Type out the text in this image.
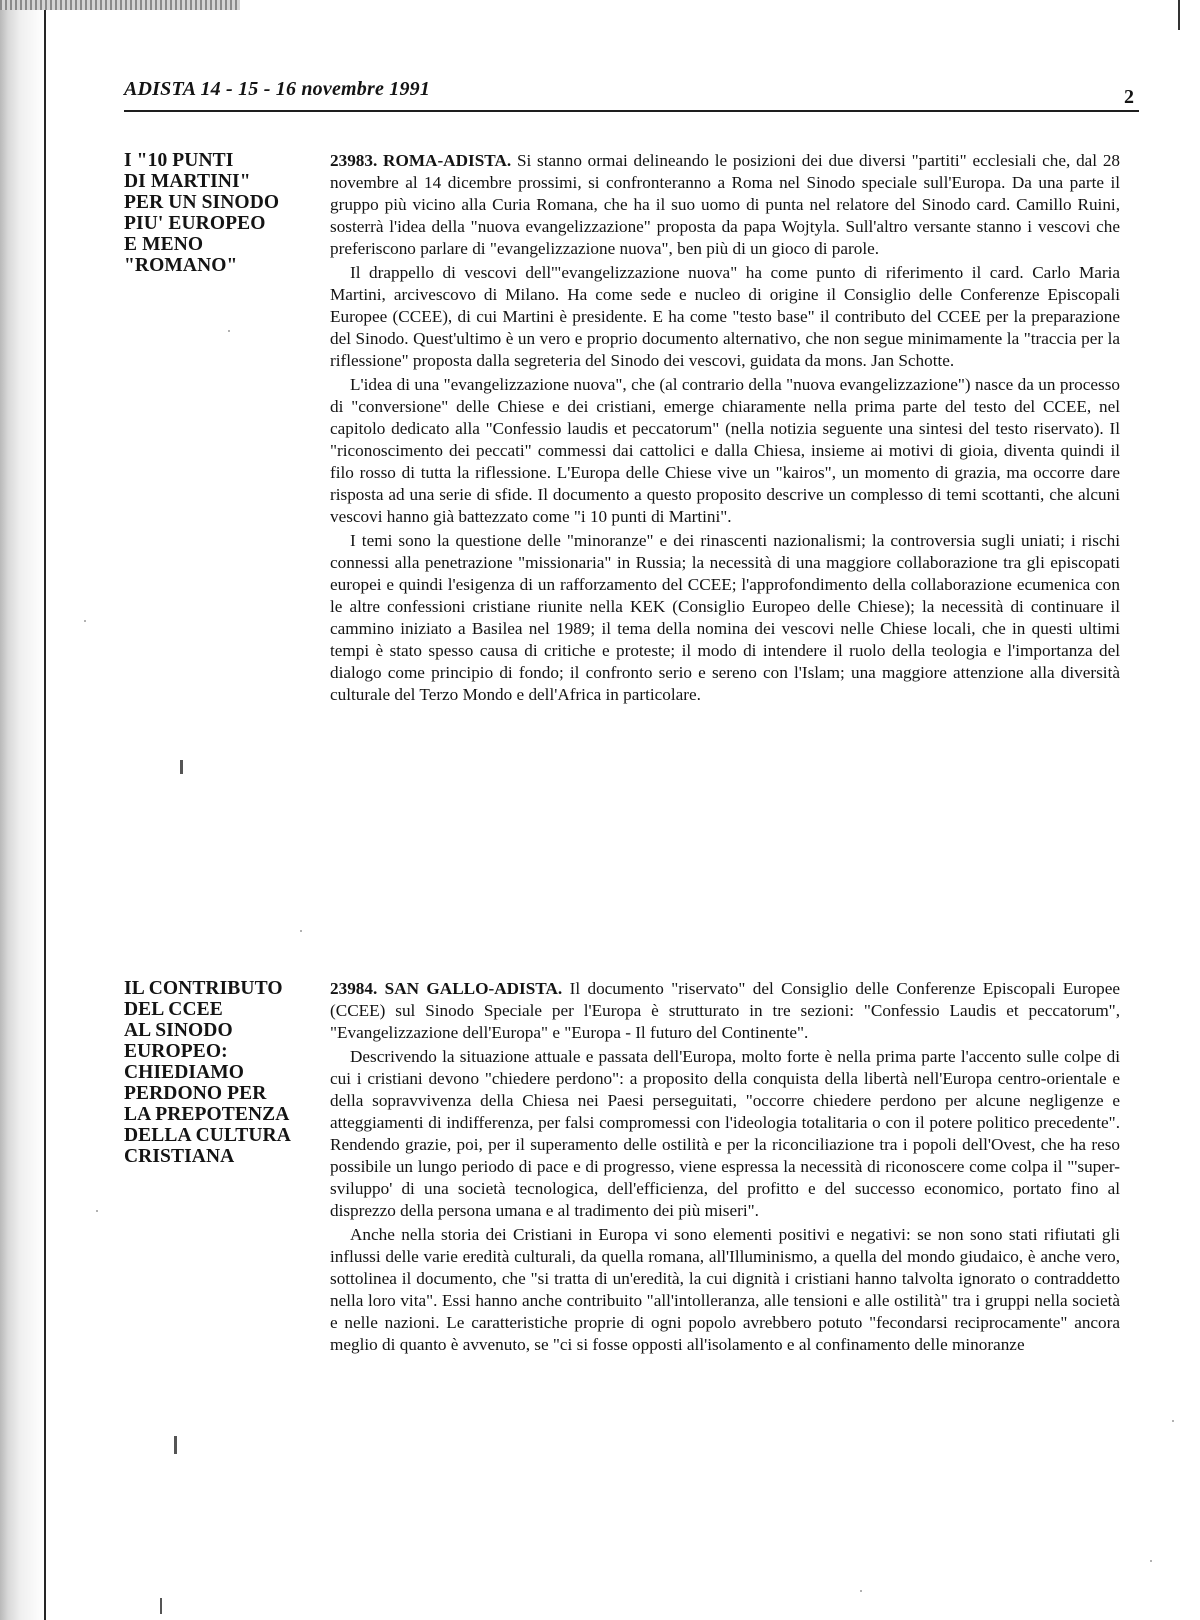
ADISTA 14 - 15 - 16 novembre 1991	2
I "10 PUNTI
DI MARTINI"
PER UN SINODO
PIU' EUROPEO
E MENO
"ROMANO"

23983. ROMA-ADISTA. Si stanno ormai delineando le posizioni dei due diversi "partiti" ecclesiali che, dal 28 novembre al 14 dicembre prossimi, si confronteranno a Roma nel Sinodo speciale sull'Europa. Da una parte il gruppo più vicino alla Curia Romana, che ha il suo uomo di punta nel relatore del Sinodo card. Camillo Ruini, sosterrà l'idea della "nuova evangelizzazione" proposta da papa Wojtyla. Sull'altro versante stanno i vescovi che preferiscono parlare di "evangelizzazione nuova", ben più di un gioco di parole.

Il drappello di vescovi dell'"evangelizzazione nuova" ha come punto di riferimento il card. Carlo Maria Martini, arcivescovo di Milano. Ha come sede e nucleo di origine il Consiglio delle Conferenze Episcopali Europee (CCEE), di cui Martini è presidente. E ha come "testo base" il contributo del CCEE per la preparazione del Sinodo. Quest'ultimo è un vero e proprio documento alternativo, che non segue minimamente la "traccia per la riflessione" proposta dalla segreteria del Sinodo dei vescovi, guidata da mons. Jan Schotte.

L'idea di una "evangelizzazione nuova", che (al contrario della "nuova evangelizzazione") nasce da un processo di "conversione" delle Chiese e dei cristiani, emerge chiaramente nella prima parte del testo del CCEE, nel capitolo dedicato alla "Confessio laudis et peccatorum" (nella notizia seguente una sintesi del testo riservato). Il "riconoscimento dei peccati" commessi dai cattolici e dalla Chiesa, insieme ai motivi di gioia, diventa quindi il filo rosso di tutta la riflessione. L'Europa delle Chiese vive un "kairos", un momento di grazia, ma occorre dare risposta ad una serie di sfide. Il documento a questo proposito descrive un complesso di temi scottanti, che alcuni vescovi hanno già battezzato come "i 10 punti di Martini".

I temi sono la questione delle "minoranze" e dei rinascenti nazionalismi; la controversia sugli uniati; i rischi connessi alla penetrazione "missionaria" in Russia; la necessità di una maggiore collaborazione tra gli episcopati europei e quindi l'esigenza di un rafforzamento del CCEE; l'approfondimento della collaborazione ecumenica con le altre confessioni cristiane riunite nella KEK (Consiglio Europeo delle Chiese); la necessità di continuare il cammino iniziato a Basilea nel 1989; il tema della nomina dei vescovi nelle Chiese locali, che in questi ultimi tempi è stato spesso causa di critiche e proteste; il modo di intendere il ruolo della teologia e l'importanza del dialogo come principio di fondo; il confronto serio e sereno con l'Islam; una maggiore attenzione alla diversità culturale del Terzo Mondo e dell'Africa in particolare.

IL CONTRIBUTO
DEL CCEE
AL SINODO
EUROPEO:
CHIEDIAMO
PERDONO PER
LA PREPOTENZA
DELLA CULTURA
CRISTIANA

23984. SAN GALLO-ADISTA. Il documento "riservato" del Consiglio delle Conferenze Episcopali Europee (CCEE) sul Sinodo Speciale per l'Europa è strutturato in tre sezioni: "Confessio Laudis et peccatorum", "Evangelizzazione dell'Europa" e "Europa - Il futuro del Continente".

Descrivendo la situazione attuale e passata dell'Europa, molto forte è nella prima parte l'accento sulle colpe di cui i cristiani devono "chiedere perdono": a proposito della conquista della libertà nell'Europa centro-orientale e della sopravvivenza della Chiesa nei Paesi perseguitati, "occorre chiedere perdono per alcune negligenze e atteggiamenti di indifferenza, per falsi compromessi con l'ideologia totalitaria o con il potere politico precedente". Rendendo grazie, poi, per il superamento delle ostilità e per la riconciliazione tra i popoli dell'Ovest, che ha reso possibile un lungo periodo di pace e di progresso, viene espressa la necessità di riconoscere come colpa il "'super-sviluppo' di una società tecnologica, dell'efficienza, del profitto e del successo economico, portato fino al disprezzo della persona umana e al tradimento dei più miseri".

Anche nella storia dei Cristiani in Europa vi sono elementi positivi e negativi: se non sono stati rifiutati gli influssi delle varie eredità culturali, da quella romana, all'Illuminismo, a quella del mondo giudaico, è anche vero, sottolinea il documento, che "si tratta di un'eredità, la cui dignità i cristiani hanno talvolta ignorato o contraddetto nella loro vita". Essi hanno anche contribuito "all'intolleranza, alle tensioni e alle ostilità" tra i gruppi nella società e nelle nazioni. Le caratteristiche proprie di ogni popolo avrebbero potuto "fecondarsi reciprocamente" ancora meglio di quanto è avvenuto, se "ci si fosse opposti all'isolamento e al confinamento delle minoranze
